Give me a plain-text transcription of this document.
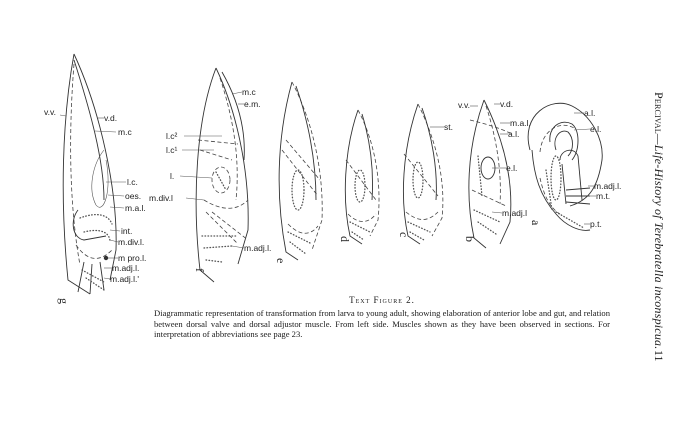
g
v.v.
v.d.
m.c
l.c.
oes.
m.a.l.
int.
m.div.l.
m pro.l.
m.adj.l.
m.adj.l.'
f
m.c
e.m.
l.c²
l.c¹
l.
m.div.l
m.adj.l.
e
d
c
st.
b
v.v.	v.d.
m.a.l.
a.l.
e.l.
m.adj.l
a
a.l.
e.l.
m.adj.l.
m.t.
p.t.
Text Figure 2.

Diagrammatic representation of transformation from larva to young adult, showing elaboration of anterior lobe and gut, and relation between dorsal valve and dorsal adjustor muscle. From left side. Muscles shown as they have been observed in sections. For interpretation of abbreviations see page 23.

Percival—Life-History of Terebratella inconspicua.
11
